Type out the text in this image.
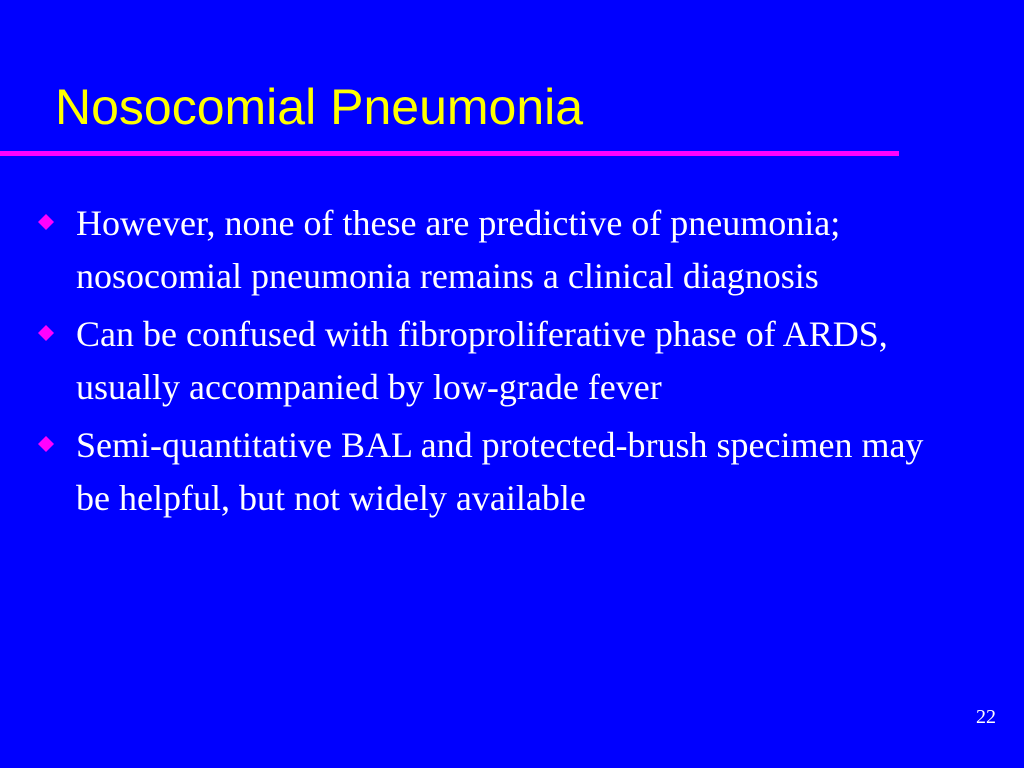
Nosocomial Pneumonia
However, none of these are predictive of pneumonia; nosocomial pneumonia remains a clinical diagnosis
Can be confused with fibroproliferative phase of ARDS, usually accompanied by low-grade fever
Semi-quantitative BAL and protected-brush specimen may be helpful, but not widely available
22
